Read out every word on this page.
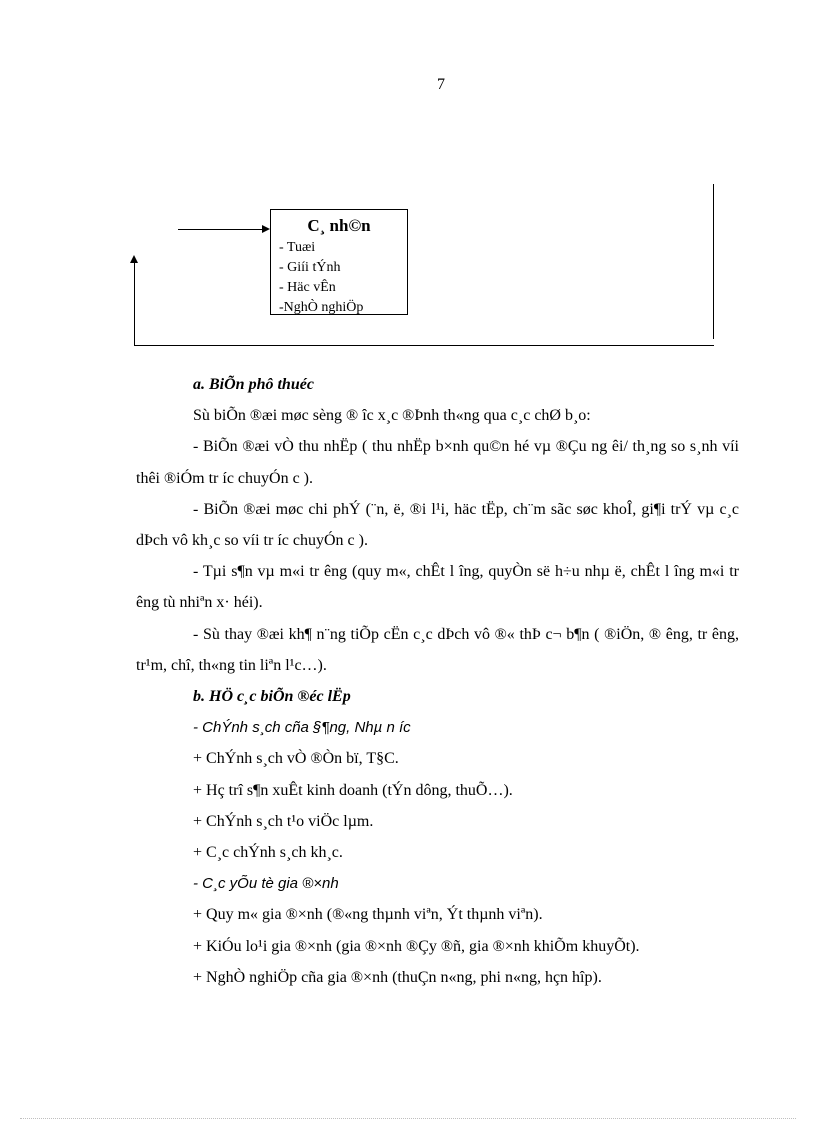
7
C¸ nh©n
- Tuæi
- Giíi tÝnh
- Häc vÊn
-NghÒ nghiÖp

a. BiÕn phô thuéc

Sù biÕn ®æi møc sèng ® îc x¸c ®Þnh th«ng qua c¸c chØ b¸o:

- BiÕn ®æi vÒ thu nhËp ( thu nhËp b×nh qu©n hé vµ ®Çu ng êi/ th¸ng so s¸nh víi thêi ®iÓm tr íc chuyÓn c ).

- BiÕn ®æi møc chi phÝ (¨n, ë, ®i l¹i, häc tËp, ch¨m sãc søc khoÎ, gi¶i trÝ vµ c¸c dÞch vô kh¸c so víi tr íc chuyÓn c ).

- Tµi s¶n vµ m«i tr êng (quy m«, chÊt l îng, quyÒn së h÷u nhµ ë, chÊt l îng m«i tr êng tù nhiªn x· héi).

- Sù thay ®æi kh¶ n¨ng tiÕp cËn c¸c dÞch vô ®« thÞ c¬ b¶n ( ®iÖn, ® êng, tr êng, tr¹m, chî, th«ng tin liªn l¹c…).

b. HÖ c¸c biÕn ®éc lËp

- ChÝnh s¸ch cña §¶ng, Nhµ n íc

+ ChÝnh s¸ch vÒ ®Òn bï, T§C.

+ Hç trî s¶n xuÊt kinh doanh (tÝn dông, thuÕ…).

+ ChÝnh s¸ch t¹o viÖc lµm.

+ C¸c chÝnh s¸ch kh¸c.

- C¸c yÕu tè gia ®×nh

+ Quy m« gia ®×nh (®«ng thµnh viªn, Ýt thµnh viªn).

+ KiÓu lo¹i gia ®×nh (gia ®×nh ®Çy ®ñ, gia ®×nh khiÕm khuyÕt).

+ NghÒ nghiÖp cña gia ®×nh (thuÇn n«ng, phi n«ng, hçn hîp).
